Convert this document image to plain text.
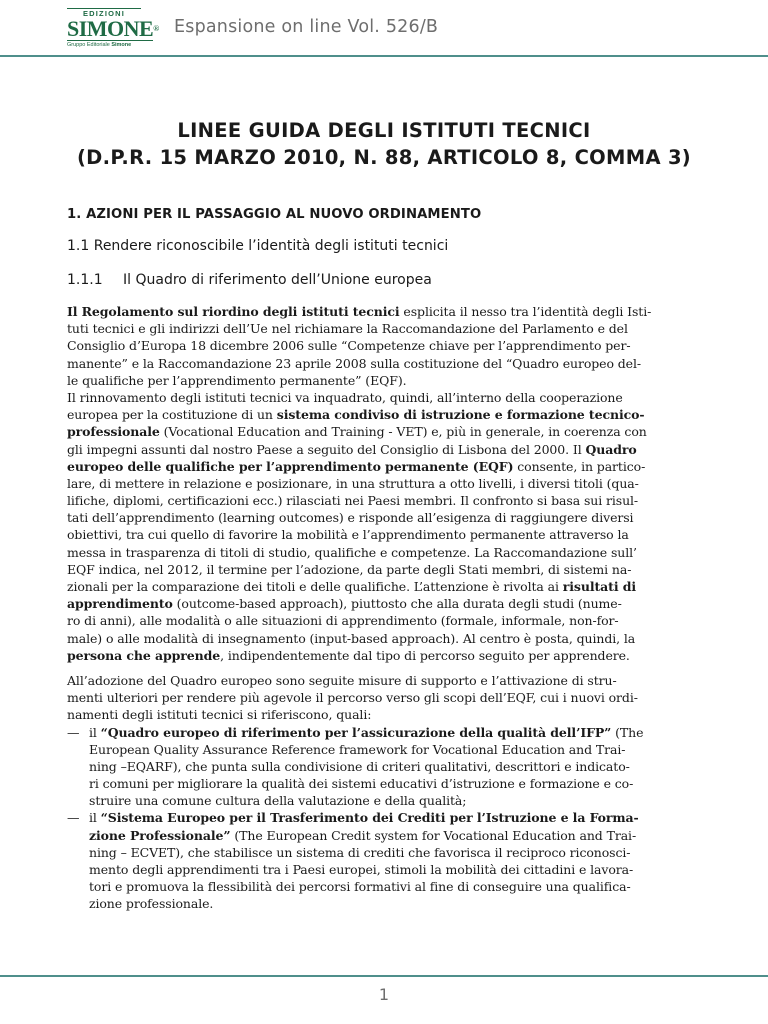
EDIZIONI
SIMONE®
Gruppo Editoriale Simone
Espansione on line Vol. 526/B
LINEE GUIDA DEGLI ISTITUTI TECNICI
(D.P.R. 15 MARZO 2010, N. 88, ARTICOLO 8, COMMA 3)
1. AZIONI PER IL PASSAGGIO AL NUOVO ORDINAMENTO
1.1 Rendere riconoscibile l’identità degli istituti tecnici
1.1.1 Il Quadro di riferimento dell’Unione europea
Il Regolamento sul riordino degli istituti tecnici esplicita il nesso tra l’identità degli Isti-
tuti tecnici e gli indirizzi dell’Ue nel richiamare la Raccomandazione del Parlamento e del
Consiglio d’Europa 18 dicembre 2006 sulle “Competenze chiave per l’apprendimento per-
manente” e la Raccomandazione 23 aprile 2008 sulla costituzione del “Quadro europeo del-
le qualifiche per l’apprendimento permanente” (EQF).
Il rinnovamento degli istituti tecnici va inquadrato, quindi, all’interno della cooperazione
europea per la costituzione di un sistema condiviso di istruzione e formazione tecnico-
professionale (Vocational Education and Training - VET) e, più in generale, in coerenza con
gli impegni assunti dal nostro Paese a seguito del Consiglio di Lisbona del 2000. Il Quadro
europeo delle qualifiche per l’apprendimento permanente (EQF) consente, in partico-
lare, di mettere in relazione e posizionare, in una struttura a otto livelli, i diversi titoli (qua-
lifiche, diplomi, certificazioni ecc.) rilasciati nei Paesi membri. Il confronto si basa sui risul-
tati dell’apprendimento (learning outcomes) e risponde all’esigenza di raggiungere diversi
obiettivi, tra cui quello di favorire la mobilità e l’apprendimento permanente attraverso la
messa in trasparenza di titoli di studio, qualifiche e competenze. La Raccomandazione sull’
EQF indica, nel 2012, il termine per l’adozione, da parte degli Stati membri, di sistemi na-
zionali per la comparazione dei titoli e delle qualifiche. L’attenzione è rivolta ai risultati di
apprendimento (outcome-based approach), piuttosto che alla durata degli studi (nume-
ro di anni), alle modalità o alle situazioni di apprendimento (formale, informale, non-for-
male) o alle modalità di insegnamento (input-based approach). Al centro è posta, quindi, la
persona che apprende, indipendentemente dal tipo di percorso seguito per apprendere.
All’adozione del Quadro europeo sono seguite misure di supporto e l’attivazione di stru-
menti ulteriori per rendere più agevole il percorso verso gli scopi dell’EQF, cui i nuovi ordi-
namenti degli istituti tecnici si riferiscono, quali:
— il “Quadro europeo di riferimento per l’assicurazione della qualità dell’IFP” (The
European Quality Assurance Reference framework for Vocational Education and Trai-
ning –EQARF), che punta sulla condivisione di criteri qualitativi, descrittori e indicato-
ri comuni per migliorare la qualità dei sistemi educativi d’istruzione e formazione e co-
struire una comune cultura della valutazione e della qualità;
— il “Sistema Europeo per il Trasferimento dei Crediti per l’Istruzione e la Forma-
zione Professionale” (The European Credit system for Vocational Education and Trai-
ning – ECVET), che stabilisce un sistema di crediti che favorisca il reciproco riconosci-
mento degli apprendimenti tra i Paesi europei, stimoli la mobilità dei cittadini e lavora-
tori e promuova la flessibilità dei percorsi formativi al fine di conseguire una qualifica-
zione professionale.
1
